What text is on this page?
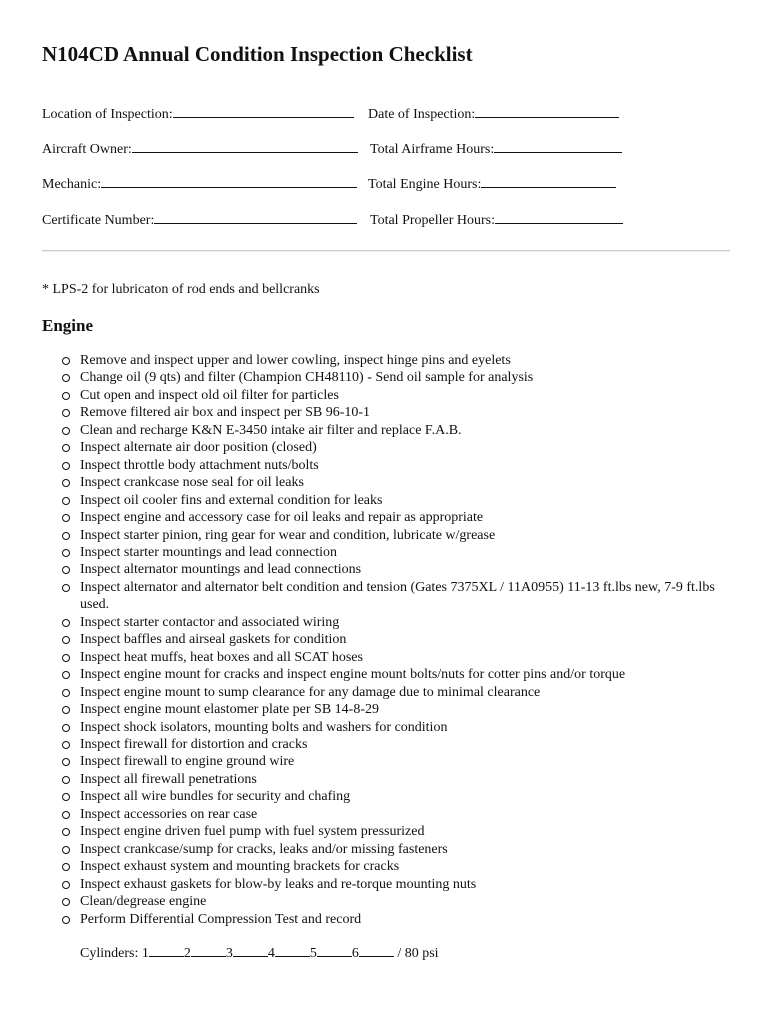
N104CD Annual Condition Inspection Checklist
Location of Inspection:	Date of Inspection:
Aircraft Owner:	Total Airframe Hours:
Mechanic:	Total Engine Hours:
Certificate Number:	Total Propeller Hours:
* LPS-2 for lubricaton of rod ends and bellcranks
Engine
Remove and inspect upper and lower cowling, inspect hinge pins and eyelets
Change oil (9 qts) and filter (Champion CH48110) - Send oil sample for analysis
Cut open and inspect old oil filter for particles
Remove filtered air box and inspect per SB 96-10-1
Clean and recharge K&N E-3450 intake air filter and replace F.A.B.
Inspect alternate air door position (closed)
Inspect throttle body attachment nuts/bolts
Inspect crankcase nose seal for oil leaks
Inspect oil cooler fins and external condition for leaks
Inspect engine and accessory case for oil leaks and repair as appropriate
Inspect starter pinion, ring gear for wear and condition, lubricate w/grease
Inspect starter mountings and lead connection
Inspect alternator mountings and lead connections
Inspect alternator and alternator belt condition and tension (Gates 7375XL / 11A0955) 11-13 ft.lbs new, 7-9 ft.lbs used.
Inspect starter contactor and associated wiring
Inspect baffles and airseal gaskets for condition
Inspect heat muffs, heat boxes and all SCAT hoses
Inspect engine mount for cracks and inspect engine mount bolts/nuts for cotter pins and/or torque
Inspect engine mount to sump clearance for any damage due to minimal clearance
Inspect engine mount elastomer plate per SB 14-8-29
Inspect shock isolators, mounting bolts and washers for condition
Inspect firewall for distortion and cracks
Inspect firewall to engine ground wire
Inspect all firewall penetrations
Inspect all wire bundles for security and chafing
Inspect accessories on rear case
Inspect engine driven fuel pump with fuel system pressurized
Inspect crankcase/sump for cracks, leaks and/or missing fasteners
Inspect exhaust system and mounting brackets for cracks
Inspect exhaust gaskets for blow-by leaks and re-torque mounting nuts
Clean/degrease engine
Perform Differential Compression Test and record
Cylinders: 1	2	3	4	5	6	/ 80 psi
